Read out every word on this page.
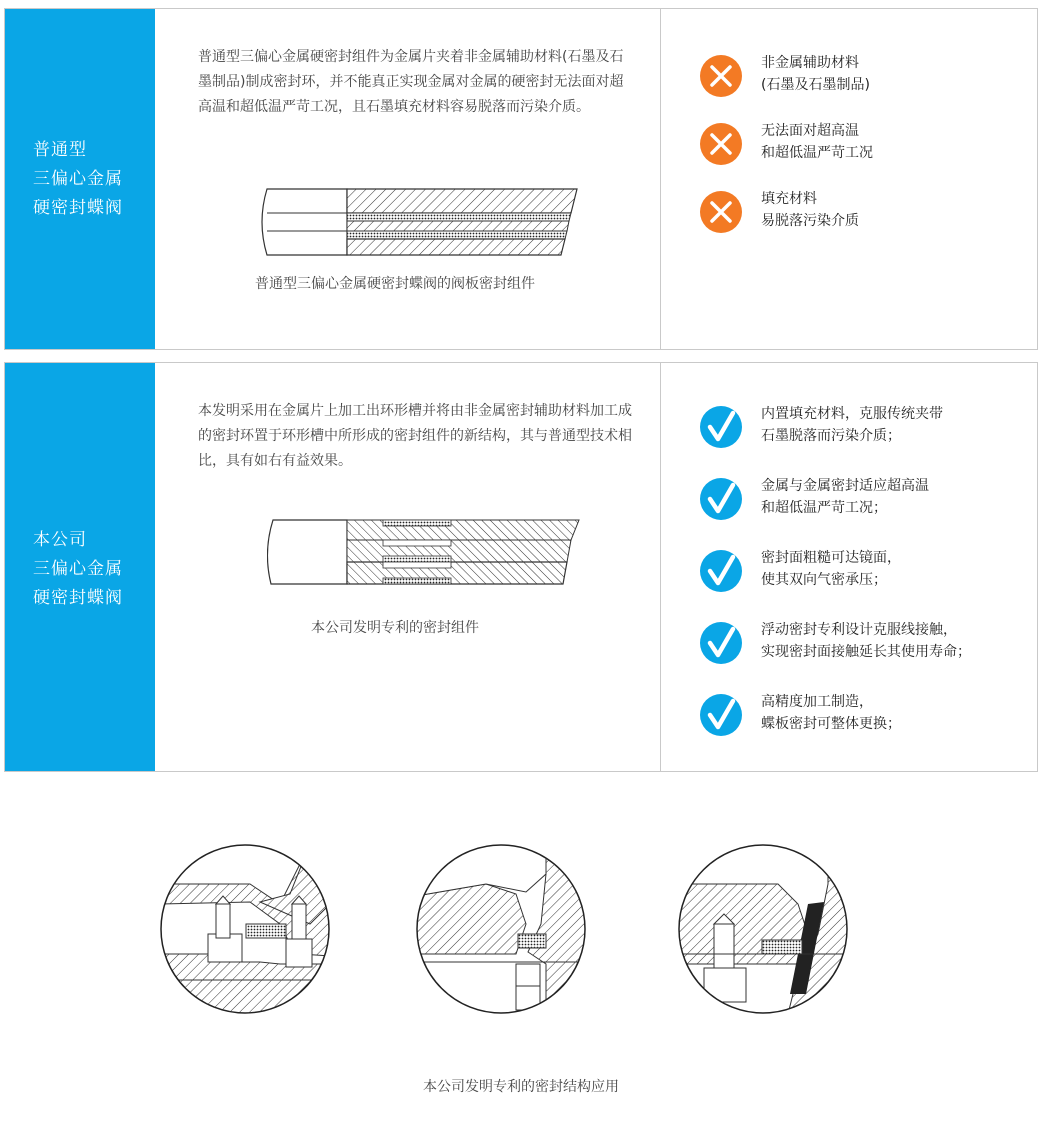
普通型
三偏心金属
硬密封蝶阀
普通型三偏心金属硬密封组件为金属片夹着非金属辅助材料(石墨及石墨制品)制成密封环，并不能真正实现金属对金属的硬密封无法面对超高温和超低温严苛工况，且石墨填充材料容易脱落而污染介质。
普通型三偏心金属硬密封蝶阀的阀板密封组件
非金属辅助材料
(石墨及石墨制品)
无法面对超高温
和超低温严苛工况
填充材料
易脱落污染介质
本公司
三偏心金属
硬密封蝶阀
本发明采用在金属片上加工出环形槽并将由非金属密封辅助材料加工成的密封环置于环形槽中所形成的密封组件的新结构，其与普通型技术相比，具有如右有益效果。
本公司发明专利的密封组件
内置填充材料，克服传统夹带
石墨脱落而污染介质；
金属与金属密封适应超高温
和超低温严苛工况；
密封面粗糙可达镜面，
使其双向气密承压；
浮动密封专利设计克服线接触，
实现密封面接触延长其使用寿命；
高精度加工制造，
蝶板密封可整体更换；
本公司发明专利的密封结构应用
